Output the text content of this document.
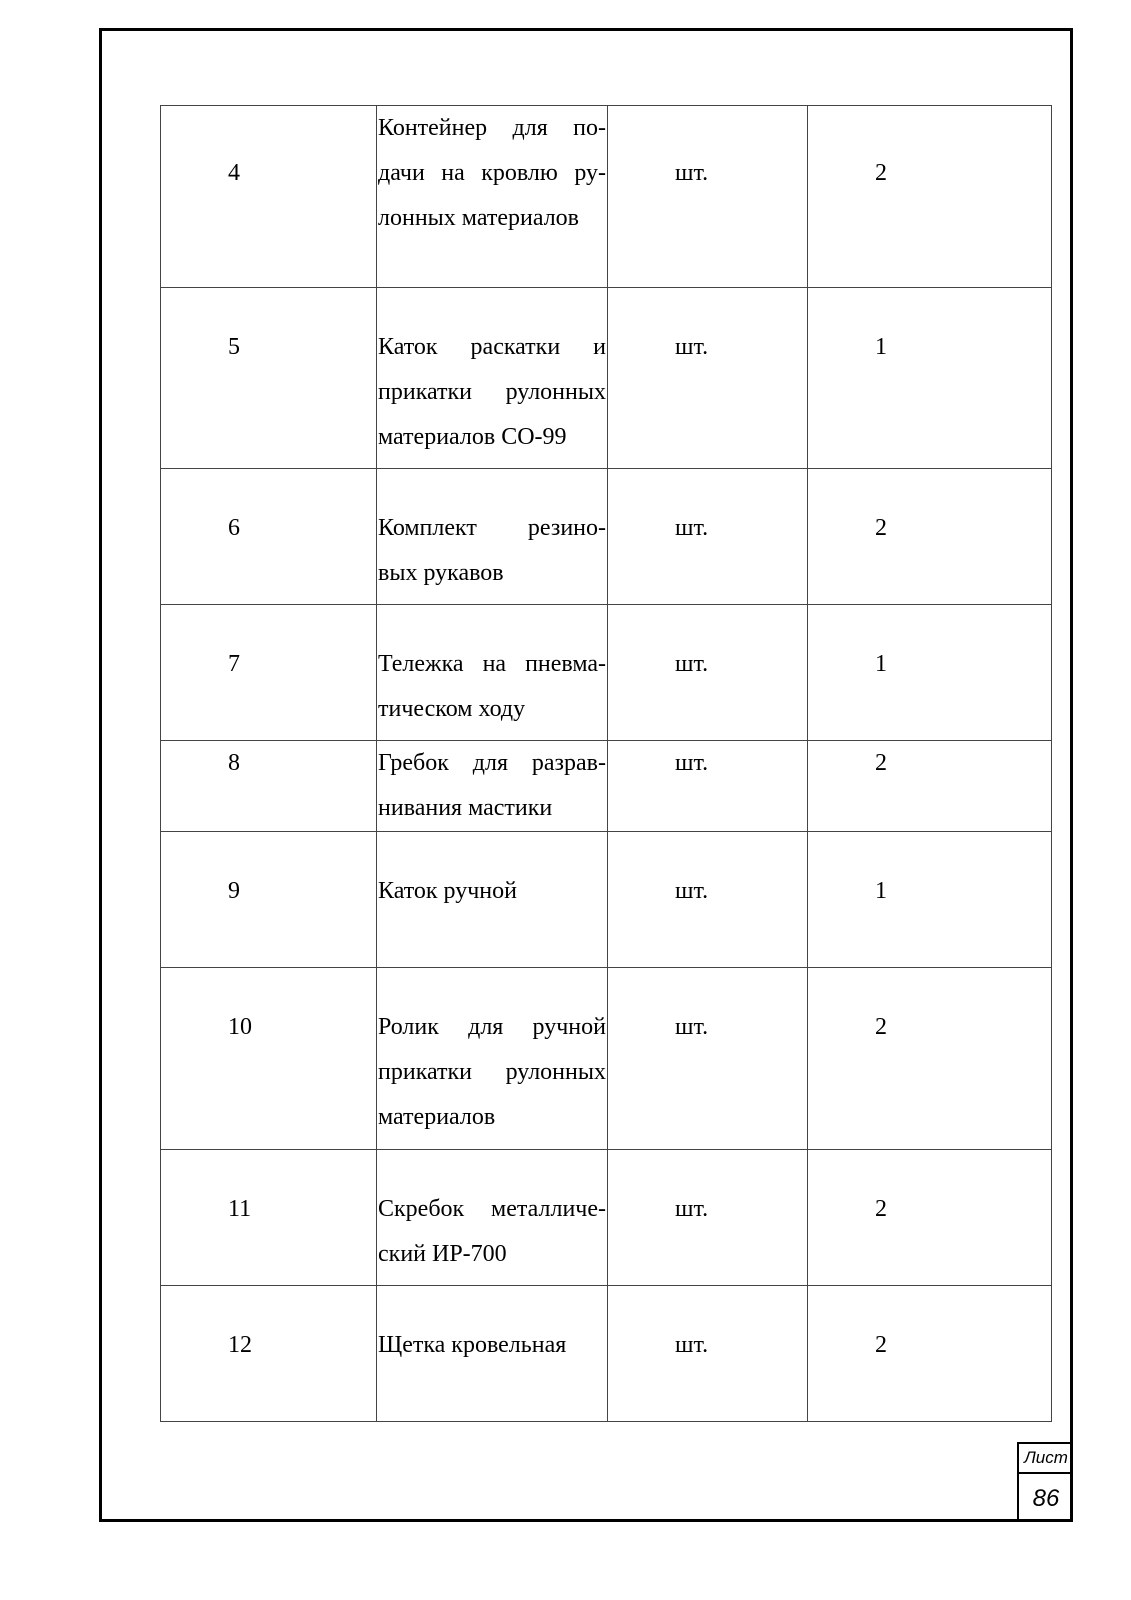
4	Контейнер для по-
дачи на кровлю ру-
лонных материалов	шт.	2
5	Каток раскатки и
прикатки рулонных
материалов СО-99	шт.	1
6	Комплект резино-
вых рукавов	шт.	2
7	Тележка на пневма-
тическом ходу	шт.	1
8	Гребок для разрав-
нивания мастики	шт.	2
9	Каток ручной	шт.	1
10	Ролик для ручной
прикатки рулонных
материалов	шт.	2
11	Скребок металличе-
ский ИР-700	шт.	2
12	Щетка кровельная	шт.	2
Лист
86
